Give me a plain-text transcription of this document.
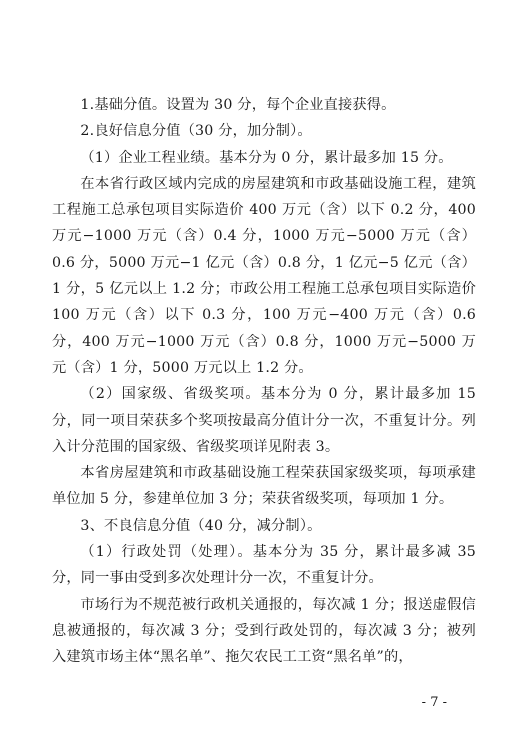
1.基础分值。设置为 30 分，每个企业直接获得。

2.良好信息分值（30 分，加分制）。

（1）企业工程业绩。基本分为 0 分，累计最多加 15 分。

在本省行政区域内完成的房屋建筑和市政基础设施工程，建筑工程施工总承包项目实际造价 400 万元（含）以下 0.2 分，400 万元−1000 万元（含）0.4 分，1000 万元−5000 万元（含）0.6 分，5000 万元−1 亿元（含）0.8 分，1 亿元−5 亿元（含）1 分，5 亿元以上 1.2 分；市政公用工程施工总承包项目实际造价 100 万元（含）以下 0.3 分，100 万元−400 万元（含）0.6 分，400 万元−1000 万元（含）0.8 分，1000 万元−5000 万元（含）1 分，5000 万元以上 1.2 分。

（2）国家级、省级奖项。基本分为 0 分，累计最多加 15 分，同一项目荣获多个奖项按最高分值计分一次，不重复计分。列入计分范围的国家级、省级奖项详见附表 3。

本省房屋建筑和市政基础设施工程荣获国家级奖项，每项承建单位加 5 分，参建单位加 3 分；荣获省级奖项，每项加 1 分。

3、不良信息分值（40 分，减分制）。

（1）行政处罚（处理）。基本分为 35 分，累计最多减 35 分，同一事由受到多次处理计分一次，不重复计分。

市场行为不规范被行政机关通报的，每次减 1 分；报送虚假信息被通报的，每次减 3 分；受到行政处罚的，每次减 3 分；被列入建筑市场主体“黑名单”、拖欠农民工工资“黑名单”的，

- 7 -
